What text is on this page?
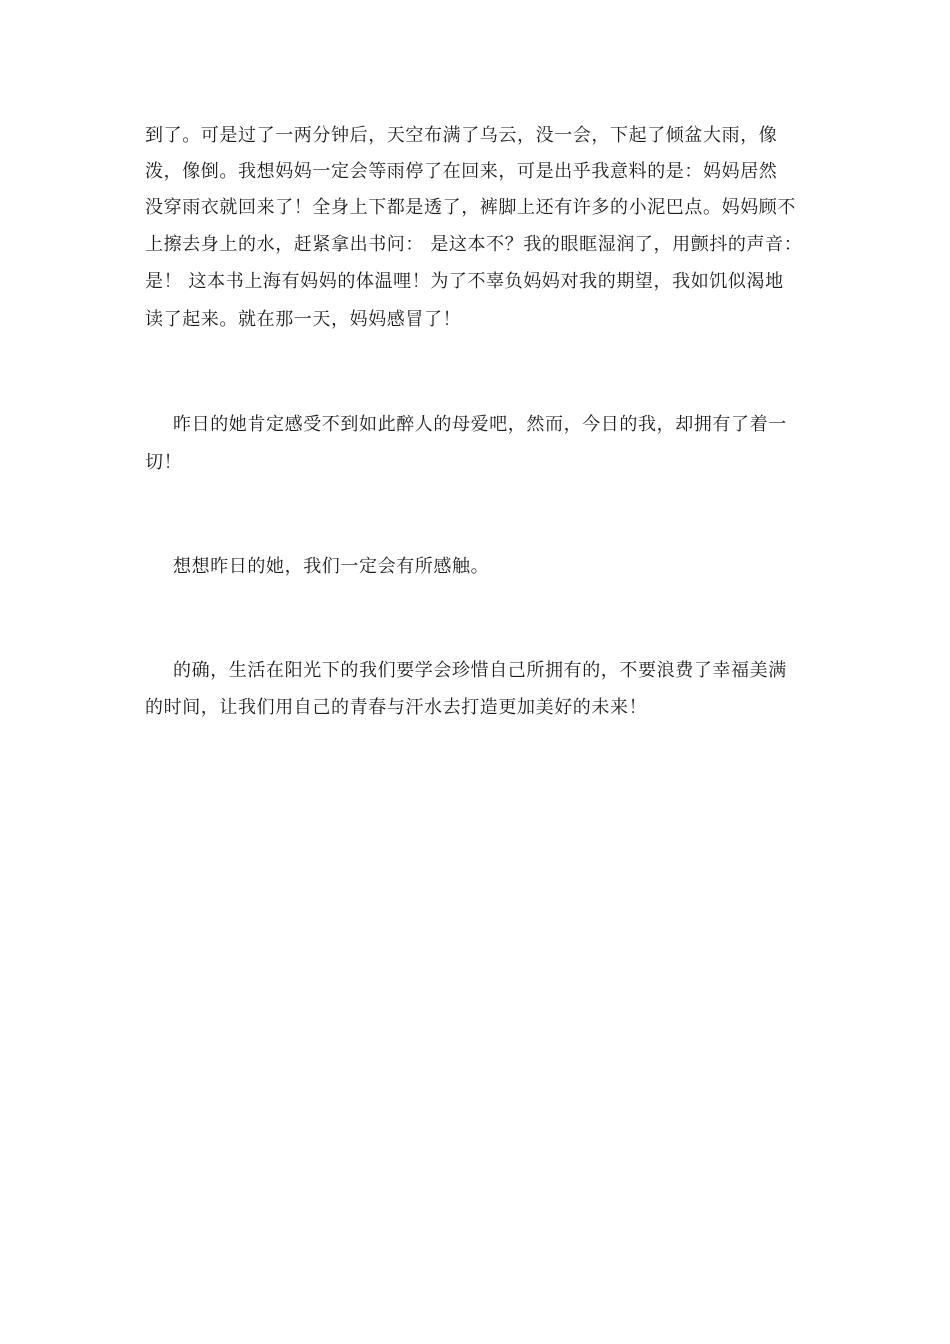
到了。可是过了一两分钟后，天空布满了乌云，没一会，下起了倾盆大雨，像
泼，像倒。我想妈妈一定会等雨停了在回来，可是出乎我意料的是：妈妈居然
没穿雨衣就回来了！全身上下都是透了，裤脚上还有许多的小泥巴点。妈妈顾不
上擦去身上的水，赶紧拿出书问： 是这本不？我的眼眶湿润了，用颤抖的声音：
是！ 这本书上海有妈妈的体温哩！为了不辜负妈妈对我的期望，我如饥似渴地
读了起来。就在那一天，妈妈感冒了！
昨日的她肯定感受不到如此醉人的母爱吧，然而，今日的我，却拥有了着一
切！
想想昨日的她，我们一定会有所感触。
的确，生活在阳光下的我们要学会珍惜自己所拥有的，不要浪费了幸福美满
的时间，让我们用自己的青春与汗水去打造更加美好的未来！
